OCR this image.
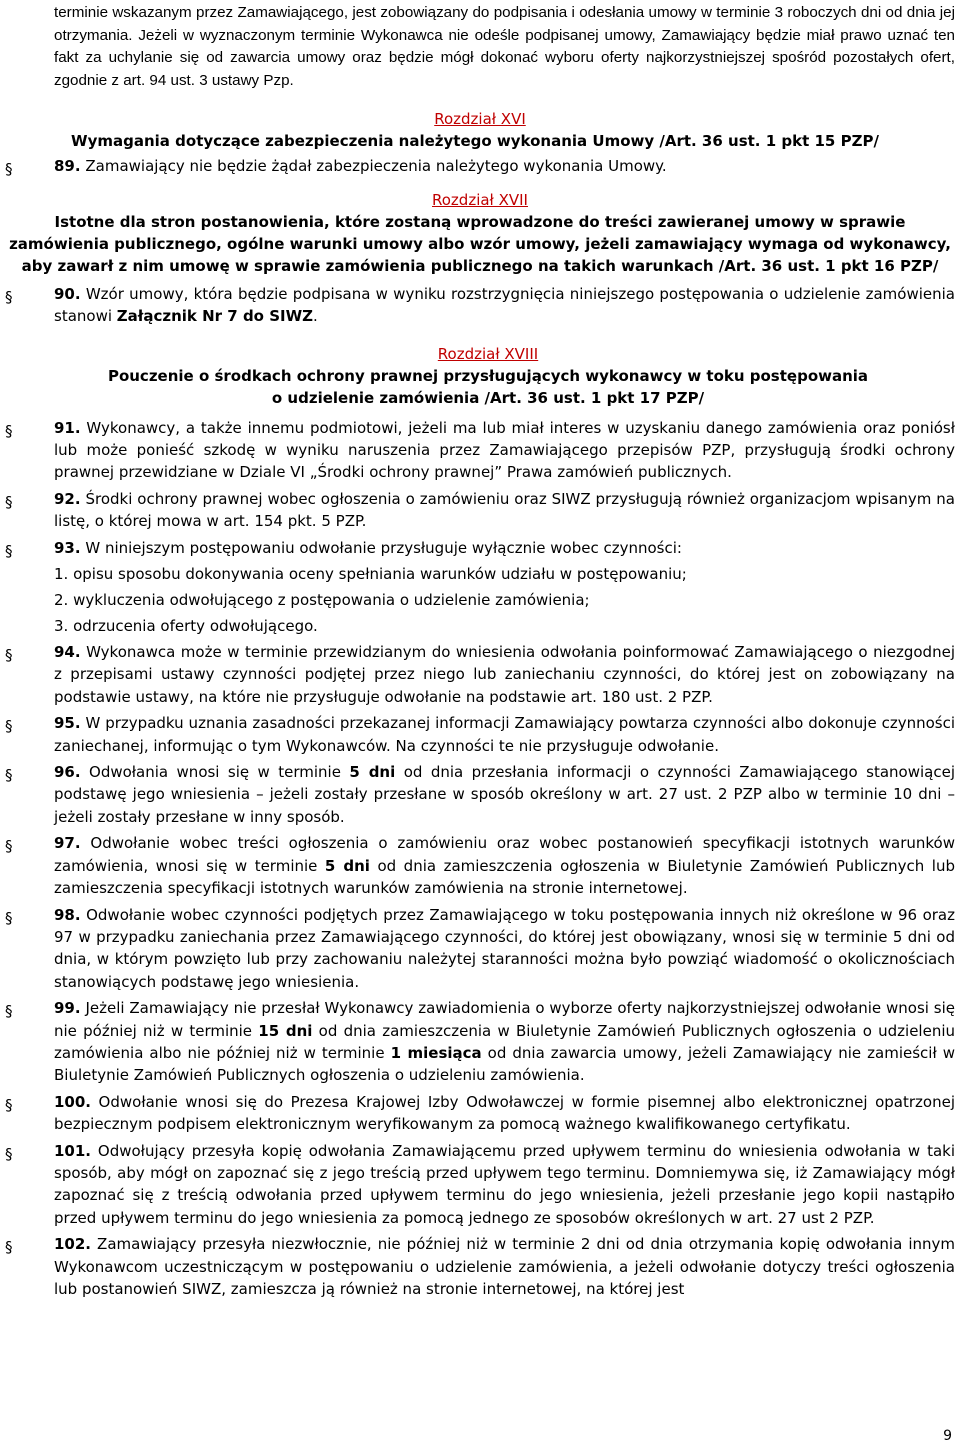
terminie wskazanym przez Zamawiającego, jest zobowiązany do podpisania i odesłania umowy w terminie 3 roboczych dni od dnia jej otrzymania. Jeżeli w wyznaczonym terminie Wykonawca nie odeśle podpisanej umowy, Zamawiający będzie miał prawo uznać ten fakt za uchylanie się od zawarcia umowy oraz będzie mógł dokonać wyboru oferty najkorzystniejszej spośród pozostałych ofert, zgodnie z art. 94 ust. 3 ustawy Pzp.

Rozdział XVI
Wymagania dotyczące zabezpieczenia należytego wykonania Umowy /Art. 36 ust. 1 pkt 15 PZP/
§	89. Zamawiający nie będzie żądał zabezpieczenia należytego wykonania Umowy.
Rozdział XVII
Istotne dla stron postanowienia, które zostaną wprowadzone do treści zawieranej umowy w sprawie zamówienia publicznego, ogólne warunki umowy albo wzór umowy, jeżeli zamawiający wymaga od wykonawcy, aby zawarł z nim umowę w sprawie zamówienia publicznego na takich warunkach /Art. 36 ust. 1 pkt 16 PZP/
§	90. Wzór umowy, która będzie podpisana w wyniku rozstrzygnięcia niniejszego postępowania o udzielenie zamówienia stanowi Załącznik Nr 7 do SIWZ.
Rozdział XVIII
Pouczenie o środkach ochrony prawnej przysługujących wykonawcy w toku postępowania
o udzielenie zamówienia /Art. 36 ust. 1 pkt 17 PZP/
§	91. Wykonawcy, a także innemu podmiotowi, jeżeli ma lub miał interes w uzyskaniu danego zamówienia oraz poniósł lub może ponieść szkodę w wyniku naruszenia przez Zamawiającego przepisów PZP, przysługują środki ochrony prawnej przewidziane w Dziale VI „Środki ochrony prawnej” Prawa zamówień publicznych.
§	92. Środki ochrony prawnej wobec ogłoszenia o zamówieniu oraz SIWZ przysługują również organizacjom wpisanym na listę, o której mowa w art. 154 pkt. 5 PZP.
§	93. W niniejszym postępowaniu odwołanie przysługuje wyłącznie wobec czynności:
1. opisu sposobu dokonywania oceny spełniania warunków udziału w postępowaniu;
2. wykluczenia odwołującego z postępowania o udzielenie zamówienia;
3. odrzucenia oferty odwołującego.
§	94. Wykonawca może w terminie przewidzianym do wniesienia odwołania poinformować Zamawiającego o niezgodnej z przepisami ustawy czynności podjętej przez niego lub zaniechaniu czynności, do której jest on zobowiązany na podstawie ustawy, na które nie przysługuje odwołanie na podstawie art. 180 ust. 2 PZP.
§	95. W przypadku uznania zasadności przekazanej informacji Zamawiający powtarza czynności albo dokonuje czynności zaniechanej, informując o tym Wykonawców. Na czynności te nie przysługuje odwołanie.
§	96. Odwołania wnosi się w terminie 5 dni od dnia przesłania informacji o czynności Zamawiającego stanowiącej podstawę jego wniesienia – jeżeli zostały przesłane w sposób określony w art. 27 ust. 2 PZP albo w terminie 10 dni – jeżeli zostały przesłane w inny sposób.
§	97. Odwołanie wobec treści ogłoszenia o zamówieniu oraz wobec postanowień specyfikacji istotnych warunków zamówienia, wnosi się w terminie 5 dni od dnia zamieszczenia ogłoszenia w Biuletynie Zamówień Publicznych lub zamieszczenia specyfikacji istotnych warunków zamówienia na stronie internetowej.
§	98. Odwołanie wobec czynności podjętych przez Zamawiającego w toku postępowania innych niż określone w 96 oraz 97 w przypadku zaniechania przez Zamawiającego czynności, do której jest obowiązany, wnosi się w terminie 5 dni od dnia, w którym powzięto lub przy zachowaniu należytej staranności można było powziąć wiadomość o okolicznościach stanowiących podstawę jego wniesienia.
§	99. Jeżeli Zamawiający nie przesłał Wykonawcy zawiadomienia o wyborze oferty najkorzystniejszej odwołanie wnosi się nie później niż w terminie 15 dni od dnia zamieszczenia w Biuletynie Zamówień Publicznych ogłoszenia o udzieleniu zamówienia albo nie później niż w terminie 1 miesiąca od dnia zawarcia umowy, jeżeli Zamawiający nie zamieścił w Biuletynie Zamówień Publicznych ogłoszenia o udzieleniu zamówienia.
§	100. Odwołanie wnosi się do Prezesa Krajowej Izby Odwoławczej w formie pisemnej albo elektronicznej opatrzonej bezpiecznym podpisem elektronicznym weryfikowanym za pomocą ważnego kwalifikowanego certyfikatu.
§	101. Odwołujący przesyła kopię odwołania Zamawiającemu przed upływem terminu do wniesienia odwołania w taki sposób, aby mógł on zapoznać się z jego treścią przed upływem tego terminu. Domniemywa się, iż Zamawiający mógł zapoznać się z treścią odwołania przed upływem terminu do jego wniesienia, jeżeli przesłanie jego kopii nastąpiło przed upływem terminu do jego wniesienia za pomocą jednego ze sposobów określonych w art. 27 ust 2 PZP.
§	102. Zamawiający przesyła niezwłocznie, nie później niż w terminie 2 dni od dnia otrzymania kopię odwołania innym Wykonawcom uczestniczącym w postępowaniu o udzielenie zamówienia, a jeżeli odwołanie dotyczy treści ogłoszenia lub postanowień SIWZ, zamieszcza ją również na stronie internetowej, na której jest
9
